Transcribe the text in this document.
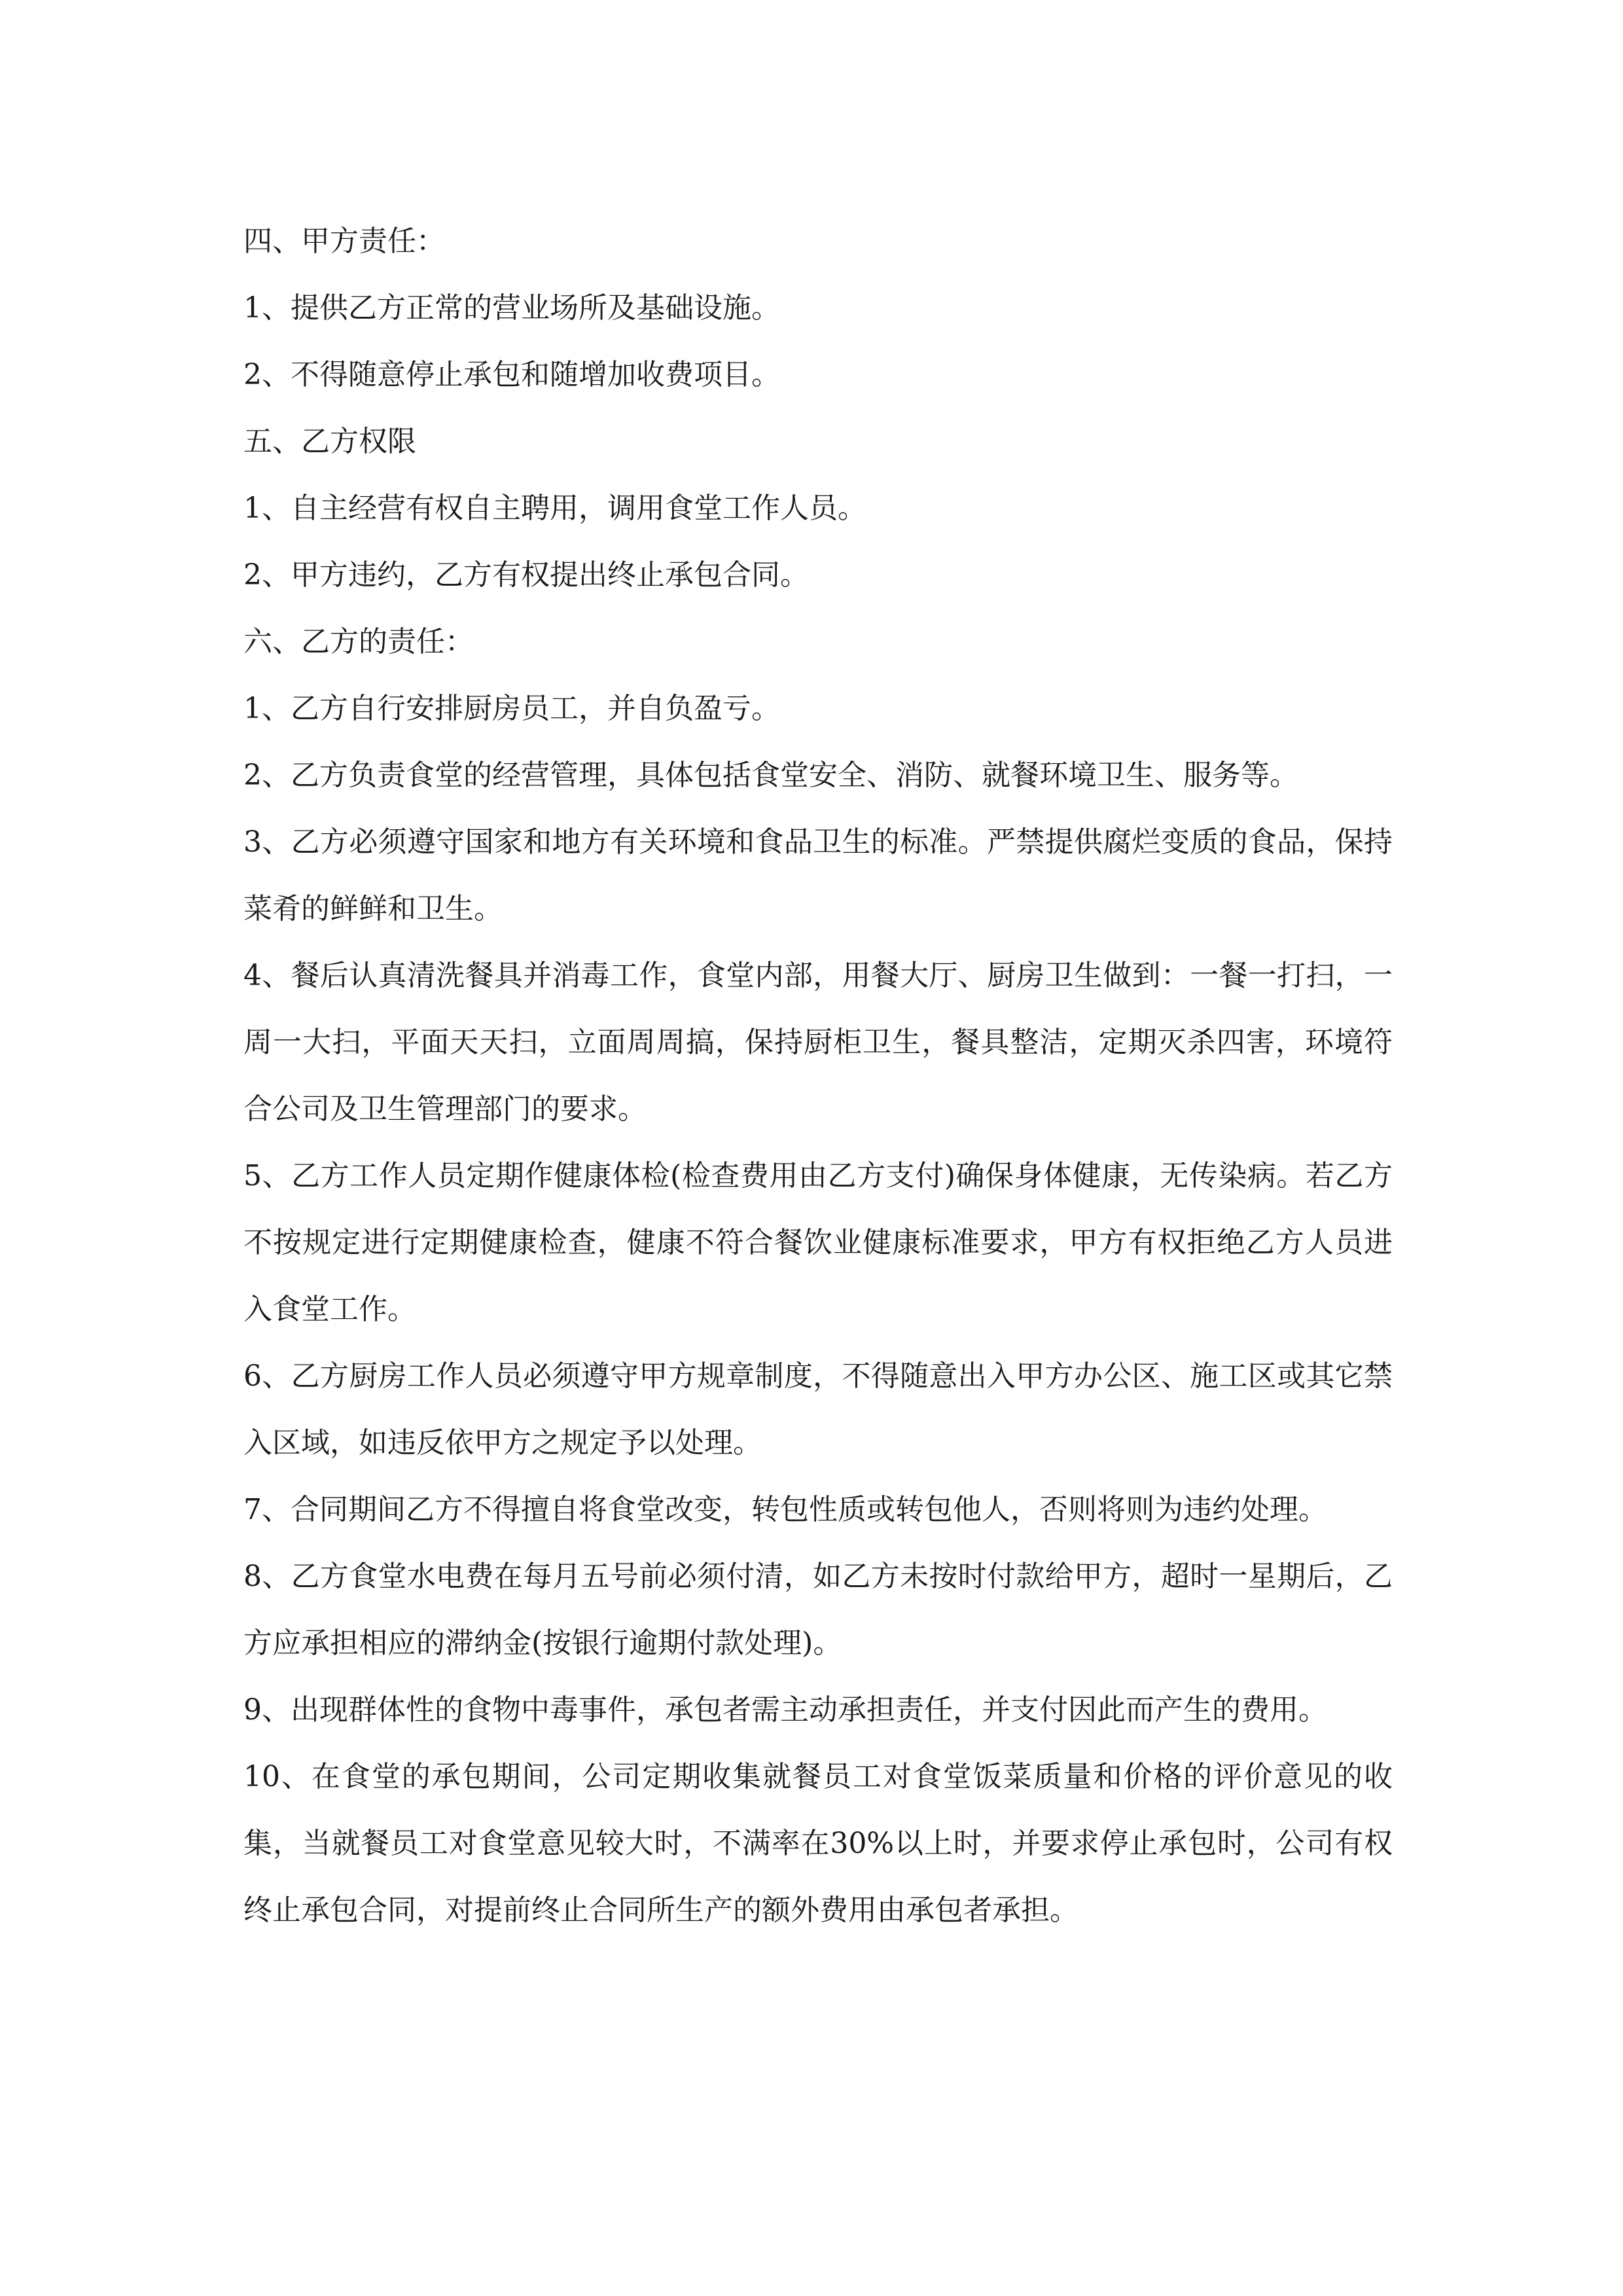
四、甲方责任：

1、提供乙方正常的营业场所及基础设施。

2、不得随意停止承包和随增加收费项目。

五、乙方权限

1、自主经营有权自主聘用，调用食堂工作人员。

2、甲方违约，乙方有权提出终止承包合同。

六、乙方的责任：

1、乙方自行安排厨房员工，并自负盈亏。

2、乙方负责食堂的经营管理，具体包括食堂安全、消防、就餐环境卫生、服务等。

3、乙方必须遵守国家和地方有关环境和食品卫生的标准。严禁提供腐烂变质的食品，保持菜肴的鲜鲜和卫生。

4、餐后认真清洗餐具并消毒工作，食堂内部，用餐大厅、厨房卫生做到：一餐一打扫，一周一大扫，平面天天扫，立面周周搞，保持厨柜卫生，餐具整洁，定期灭杀四害，环境符合公司及卫生管理部门的要求。

5、乙方工作人员定期作健康体检(检查费用由乙方支付)确保身体健康，无传染病。若乙方不按规定进行定期健康检查，健康不符合餐饮业健康标准要求，甲方有权拒绝乙方人员进入食堂工作。

6、乙方厨房工作人员必须遵守甲方规章制度，不得随意出入甲方办公区、施工区或其它禁入区域，如违反依甲方之规定予以处理。

7、合同期间乙方不得擅自将食堂改变，转包性质或转包他人，否则将则为违约处理。

8、乙方食堂水电费在每月五号前必须付清，如乙方未按时付款给甲方，超时一星期后，乙方应承担相应的滞纳金(按银行逾期付款处理)。

9、出现群体性的食物中毒事件，承包者需主动承担责任，并支付因此而产生的费用。

10、在食堂的承包期间，公司定期收集就餐员工对食堂饭菜质量和价格的评价意见的收集，当就餐员工对食堂意见较大时，不满率在30%以上时，并要求停止承包时，公司有权终止承包合同，对提前终止合同所生产的额外费用由承包者承担。
